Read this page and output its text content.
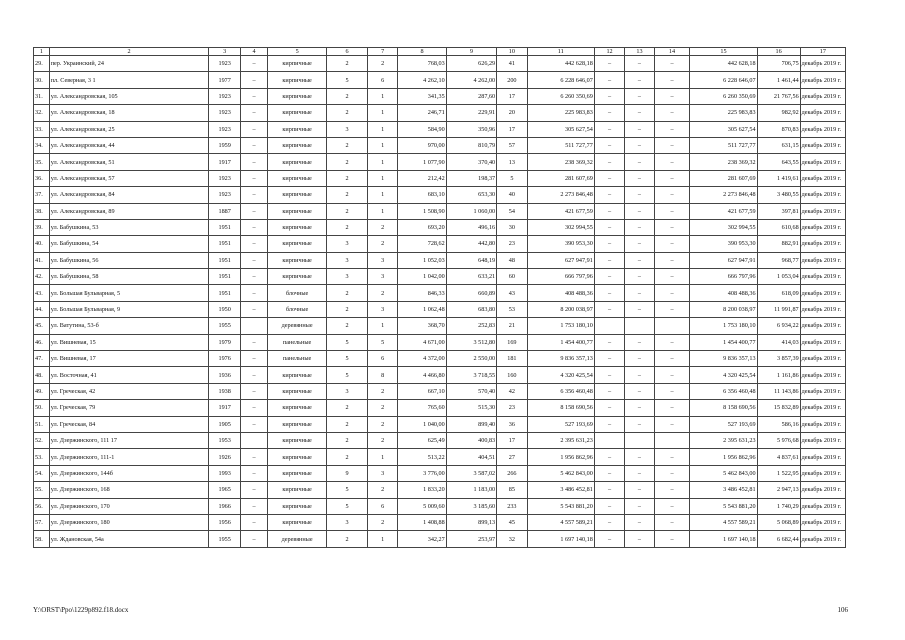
1	2	3	4	5	6	7	8	9	10	11	12	13	14	15	16	17
29.	пер. Украинский, 24	1923	–	кирпичные	2	2	768,03	626,29	41	442 628,18	–	–	–	442 628,18	706,75	декабрь 2019 г.
30.	пл. Северная, 3 1	1977	–	кирпичные	5	6	4 262,10	4 262,00	200	6 228 646,07	–	–	–	6 228 646,07	1 461,44	декабрь 2019 г.
31.	ул. Александровская, 105	1923	–	кирпичные	2	1	341,35	287,60	17	6 260 350,69	–	–	–	6 260 350,69	21 767,56	декабрь 2019 г.
32.	ул. Александровская, 18	1923	–	кирпичные	2	1	246,71	229,91	20	225 983,83	–	–	–	225 983,83	982,92	декабрь 2019 г.
33.	ул. Александровская, 25	1923	–	кирпичные	3	1	584,90	350,96	17	305 627,54	–	–	–	305 627,54	870,83	декабрь 2019 г.
34.	ул. Александровская, 44	1959	–	кирпичные	2	1	970,00	810,79	57	511 727,77	–	–	–	511 727,77	631,15	декабрь 2019 г.
35.	ул. Александровская, 51	1917	–	кирпичные	2	1	1 077,90	370,40	13	238 369,32	–	–	–	238 369,32	643,55	декабрь 2019 г.
36.	ул. Александровская, 57	1923	–	кирпичные	2	1	212,42	198,37	5	281 607,69	–	–	–	281 607,69	1 419,61	декабрь 2019 г.
37.	ул. Александровская, 84	1923	–	кирпичные	2	1	683,10	653,30	40	2 273 846,48	–	–	–	2 273 846,48	3 480,55	декабрь 2019 г.
38.	ул. Александровская, 89	1887	–	кирпичные	2	1	1 508,90	1 060,00	54	421 677,59	–	–	–	421 677,59	397,81	декабрь 2019 г.
39.	ул. Бабушкина, 53	1951	–	кирпичные	2	2	693,20	496,16	30	302 994,55	–	–	–	302 994,55	610,68	декабрь 2019 г.
40.	ул. Бабушкина, 54	1951	–	кирпичные	3	2	728,62	442,80	23	390 953,30	–	–	–	390 953,30	882,91	декабрь 2019 г.
41.	ул. Бабушкина, 56	1951	–	кирпичные	3	3	1 052,03	648,19	48	627 947,91	–	–	–	627 947,91	968,77	декабрь 2019 г.
42.	ул. Бабушкина, 58	1951	–	кирпичные	3	3	1 042,00	633,21	60	666 797,96	–	–	–	666 797,96	1 053,04	декабрь 2019 г.
43.	ул. Большая Бульварная, 5	1951	–	блочные	2	2	846,33	660,89	43	408 488,36	–	–	–	408 488,36	618,09	декабрь 2019 г.
44.	ул. Большая Бульварная, 9	1950	–	блочные	2	3	1 062,48	683,80	53	8 200 038,97	–	–	–	8 200 038,97	11 991,87	декабрь 2019 г.
45.	ул. Ватутина, 53-б	1955		деревянные	2	1	368,70	252,83	21	1 753 180,10				1 753 180,10	6 934,22	декабрь 2019 г.
46.	ул. Вишневая, 15	1979	–	панельные	5	5	4 671,00	3 512,80	169	1 454 400,77	–	–	–	1 454 400,77	414,03	декабрь 2019 г.
47.	ул. Вишневая, 17	1976	–	панельные	5	6	4 372,00	2 550,00	181	9 836 357,13	–	–	–	9 836 357,13	3 857,39	декабрь 2019 г.
48.	ул. Восточная, 41	1936	–	кирпичные	5	8	4 466,80	3 718,55	160	4 320 425,54	–	–	–	4 320 425,54	1 161,86	декабрь 2019 г.
49.	ул. Греческая, 42	1938	–	кирпичные	3	2	667,10	570,40	42	6 356 460,48	–	–	–	6 356 460,48	11 143,86	декабрь 2019 г.
50.	ул. Греческая, 79	1917	–	кирпичные	2	2	765,60	515,30	23	8 158 690,56	–	–	–	8 158 690,56	15 832,89	декабрь 2019 г.
51.	ул. Греческая, 84	1905	–	кирпичные	2	2	1 040,00	899,40	36	527 193,69	–	–	–	527 193,69	586,16	декабрь 2019 г.
52.	ул. Дзержинского, 111 17	1953		кирпичные	2	2	625,49	400,83	17	2 395 631,23				2 395 631,23	5 976,68	декабрь 2019 г.
53.	ул. Дзержинского, 111-1	1926	–	кирпичные	2	1	513,22	404,51	27	1 956 862,96	–	–	–	1 956 862,96	4 837,61	декабрь 2019 г.
54.	ул. Дзержинского, 144б	1993	–	кирпичные	9	3	3 776,00	3 587,02	266	5 462 843,00	–	–	–	5 462 843,00	1 522,95	декабрь 2019 г.
55.	ул. Дзержинского, 168	1965	–	кирпичные	5	2	1 833,20	1 183,00	85	3 486 452,81	–	–	–	3 486 452,81	2 947,13	декабрь 2019 г.
56.	ул. Дзержинского, 170	1966	–	кирпичные	5	6	5 009,60	3 185,60	233	5 543 881,20	–	–	–	5 543 881,20	1 740,29	декабрь 2019 г.
57.	ул. Дзержинского, 180	1956	–	кирпичные	3	2	1 408,88	899,13	45	4 557 589,21	–	–	–	4 557 589,21	5 068,89	декабрь 2019 г.
58.	ул. Ждановская, 54а	1955	–	деревянные	2	1	342,27	253,97	32	1 697 140,18	–	–	–	1 697 140,18	6 682,44	декабрь 2019 г.
Y:\ORST\Ppo\1229p892.f18.docx	106
